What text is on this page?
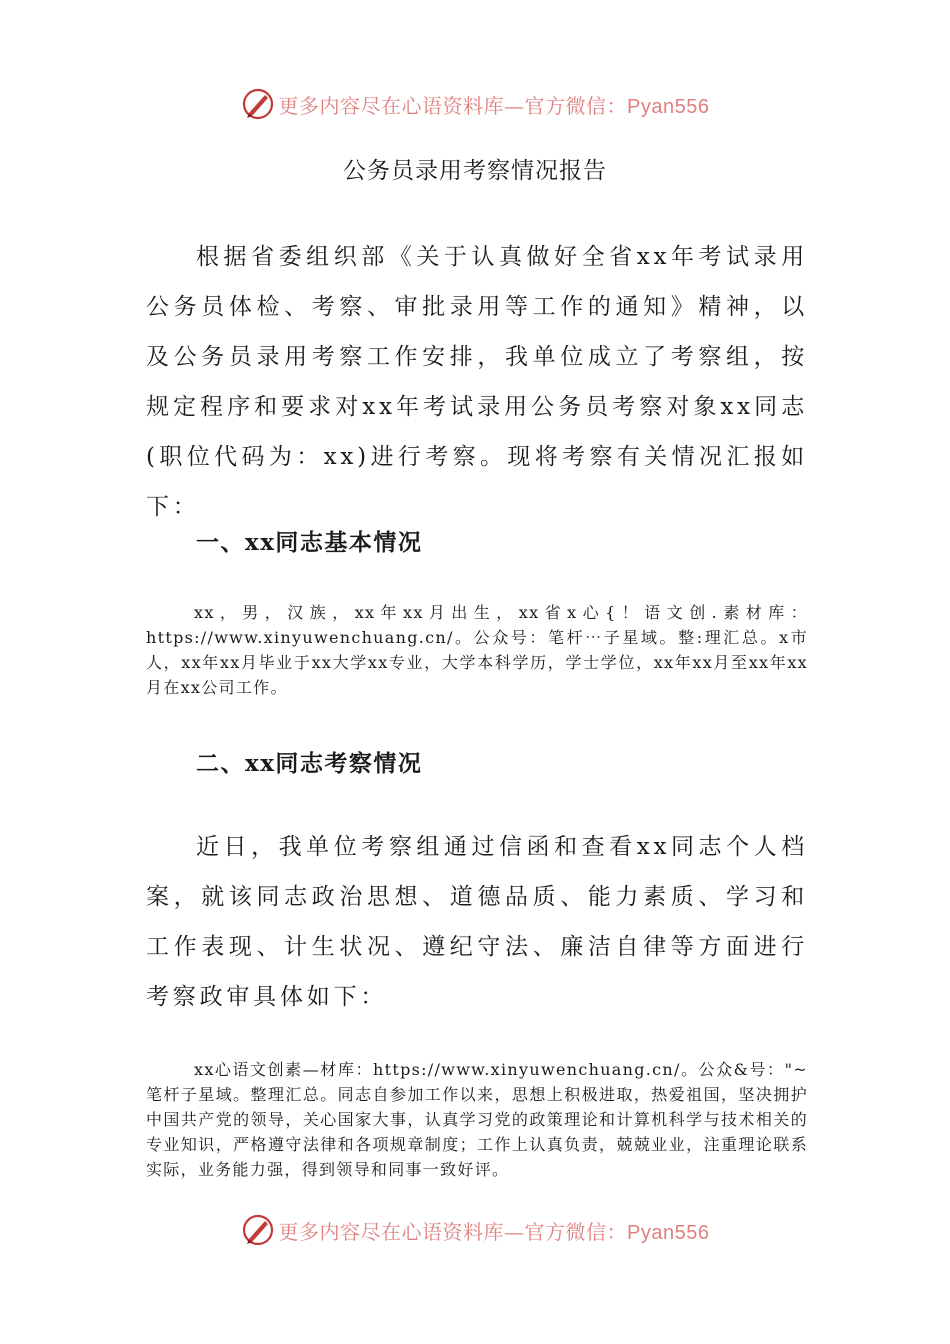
更多内容尽在心语资料库—官方微信：Pyan556
公务员录用考察情况报告

根据省委组织部《关于认真做好全省xx年考试录用公务员体检、考察、审批录用等工作的通知》精神，以及公务员录用考察工作安排，我单位成立了考察组，按规定程序和要求对xx年考试录用公务员考察对象xx同志(职位代码为：xx)进行考察。现将考察有关情况汇报如下：

一、xx同志基本情况

xx，男，汉族，xx年xx月出生，xx省x心{！语文创.素材库：https://www.xinyuwenchuang.cn/。公众号：笔杆⋯子星域。整:理汇总。x市人，xx年xx月毕业于xx大学xx专业，大学本科学历，学士学位，xx年xx月至xx年xx月在xx公司工作。

二、xx同志考察情况

近日，我单位考察组通过信函和查看xx同志个人档案，就该同志政治思想、道德品质、能力素质、学习和工作表现、计生状况、遵纪守法、廉洁自律等方面进行考察政审具体如下：

xx心语文创素—材库：https://www.xinyuwenchuang.cn/。公众&号："~笔杆子星域。整理汇总。同志自参加工作以来，思想上积极进取，热爱祖国，坚决拥护中国共产党的领导，关心国家大事，认真学习党的政策理论和计算机科学与技术相关的专业知识，严格遵守法律和各项规章制度；工作上认真负责，兢兢业业，注重理论联系实际，业务能力强，得到领导和同事一致好评。

更多内容尽在心语资料库—官方微信：Pyan556
